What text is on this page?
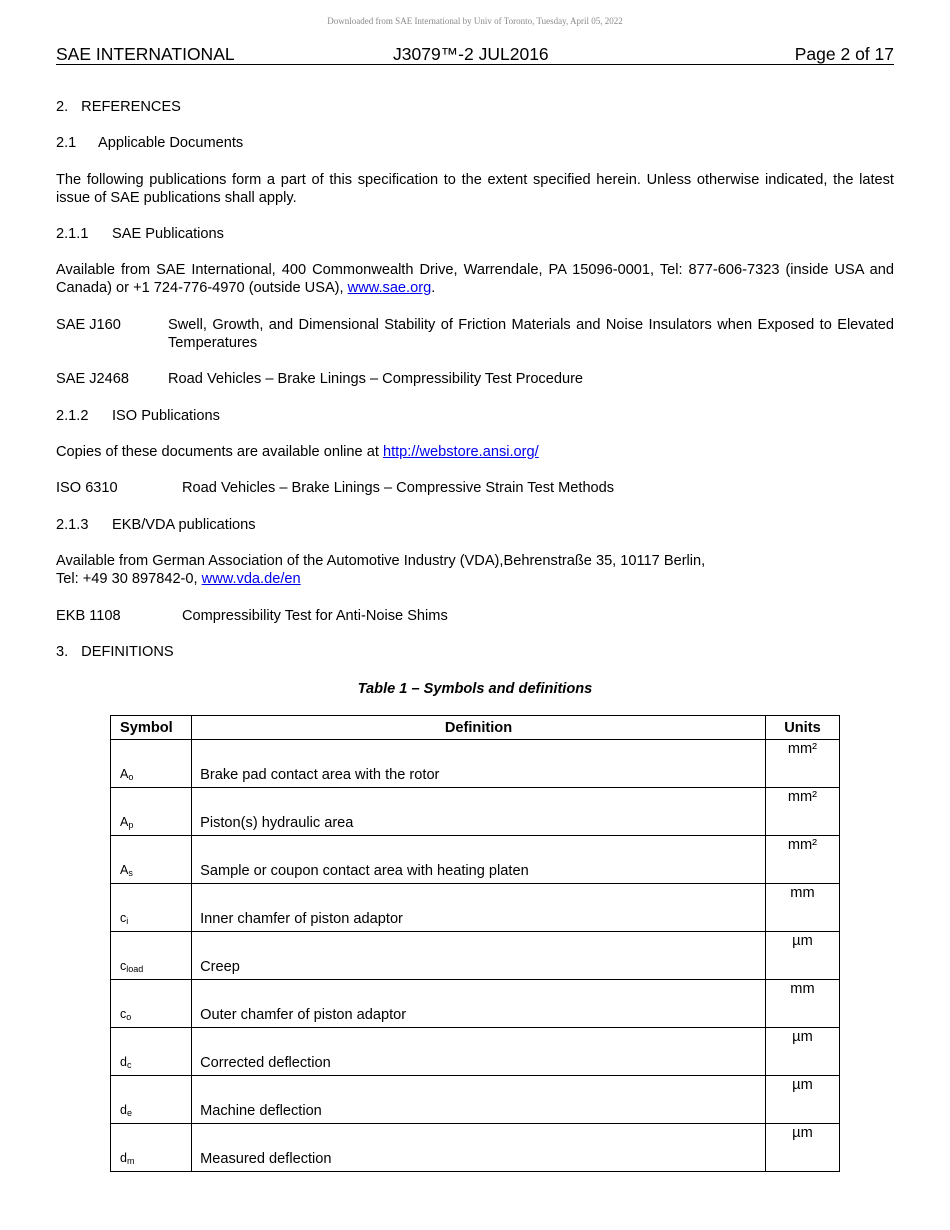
Downloaded from SAE International by Univ of Toronto, Tuesday, April 05, 2022
SAE INTERNATIONAL	J3079™-2 JUL2016	Page 2 of 17
2. REFERENCES
2.1 Applicable Documents
The following publications form a part of this specification to the extent specified herein. Unless otherwise indicated, the latest issue of SAE publications shall apply.
2.1.1 SAE Publications
Available from SAE International, 400 Commonwealth Drive, Warrendale, PA 15096-0001, Tel: 877-606-7323 (inside USA and Canada) or +1 724-776-4970 (outside USA), www.sae.org.
SAE J160	Swell, Growth, and Dimensional Stability of Friction Materials and Noise Insulators when Exposed to Elevated Temperatures
SAE J2468	Road Vehicles – Brake Linings – Compressibility Test Procedure
2.1.2 ISO Publications
Copies of these documents are available online at http://webstore.ansi.org/
ISO 6310	Road Vehicles – Brake Linings – Compressive Strain Test Methods
2.1.3 EKB/VDA publications
Available from German Association of the Automotive Industry (VDA),Behrenstraße 35, 10117 Berlin,
Tel: +49 30 897842-0, www.vda.de/en
EKB 1108	Compressibility Test for Anti-Noise Shims
3. DEFINITIONS
Table 1 – Symbols and definitions
Symbol	Definition	Units
$A_o$	Brake pad contact area with the rotor	mm²
$A_p$	Piston(s) hydraulic area	mm²
$A_s$	Sample or coupon contact area with heating platen	mm²
$c_i$	Inner chamfer of piston adaptor	mm
$c_{load}$	Creep	µm
$c_o$	Outer chamfer of piston adaptor	mm
$d_c$	Corrected deflection	µm
$d_e$	Machine deflection	µm
$d_m$	Measured deflection	µm
